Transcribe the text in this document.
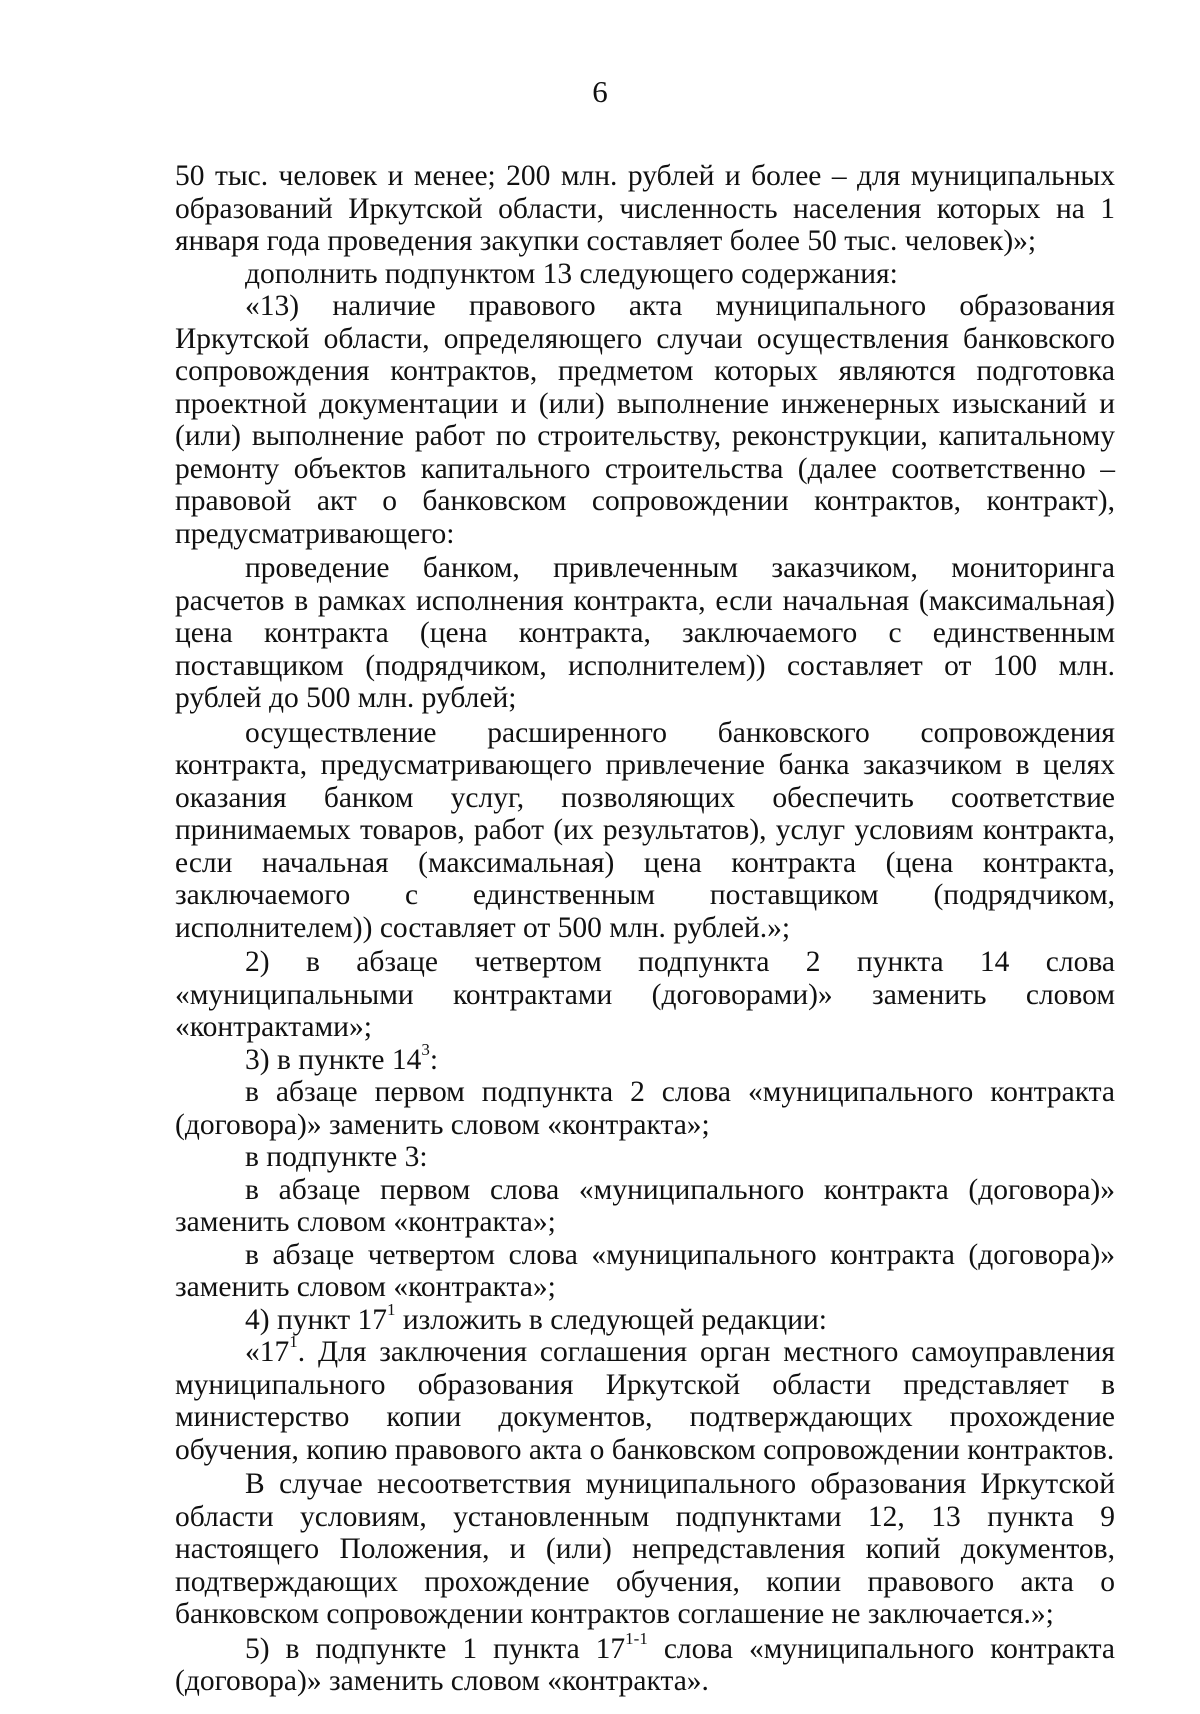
6

50 тыс. человек и менее; 200 млн. рублей и более – для муниципальных образований Иркутской области, численность населения которых на 1 января года проведения закупки составляет более 50 тыс. человек)»;

дополнить подпунктом 13 следующего содержания:

«13) наличие правового акта муниципального образования Иркутской области, определяющего случаи осуществления банковского сопровождения контрактов, предметом которых являются подготовка проектной документации и (или) выполнение инженерных изысканий и (или) выполнение работ по строительству, реконструкции, капитальному ремонту объектов капитального строительства (далее соответственно – правовой акт о банковском сопровождении контрактов, контракт), предусматривающего:

проведение банком, привлеченным заказчиком, мониторинга расчетов в рамках исполнения контракта, если начальная (максимальная) цена контракта (цена контракта, заключаемого с единственным поставщиком (подрядчиком, исполнителем)) составляет от 100 млн. рублей до 500 млн. рублей;

осуществление расширенного банковского сопровождения контракта, предусматривающего привлечение банка заказчиком в целях оказания банком услуг, позволяющих обеспечить соответствие принимаемых товаров, работ (их результатов), услуг условиям контракта, если начальная (максимальная) цена контракта (цена контракта, заключаемого с единственным поставщиком (подрядчиком, исполнителем)) составляет от 500 млн. рублей.»;

2) в абзаце четвертом подпункта 2 пункта 14 слова «муниципальными контрактами (договорами)» заменить словом «контрактами»;

3) в пункте $14^3$:

в абзаце первом подпункта 2 слова «муниципального контракта (договора)» заменить словом «контракта»;

в подпункте 3:

в абзаце первом слова «муниципального контракта (договора)» заменить словом «контракта»;

в абзаце четвертом слова «муниципального контракта (договора)» заменить словом «контракта»;

4) пункт $17^1$ изложить в следующей редакции:

«$17^1$. Для заключения соглашения орган местного самоуправления муниципального образования Иркутской области представляет в министерство копии документов, подтверждающих прохождение обучения, копию правового акта о банковском сопровождении контрактов.

В случае несоответствия муниципального образования Иркутской области условиям, установленным подпунктами 12, 13 пункта 9 настоящего Положения, и (или) непредставления копий документов, подтверждающих прохождение обучения, копии правового акта о банковском сопровождении контрактов соглашение не заключается.»;

5) в подпункте 1 пункта 17$^{1-1}$ слова «муниципального контракта (договора)» заменить словом «контракта».
